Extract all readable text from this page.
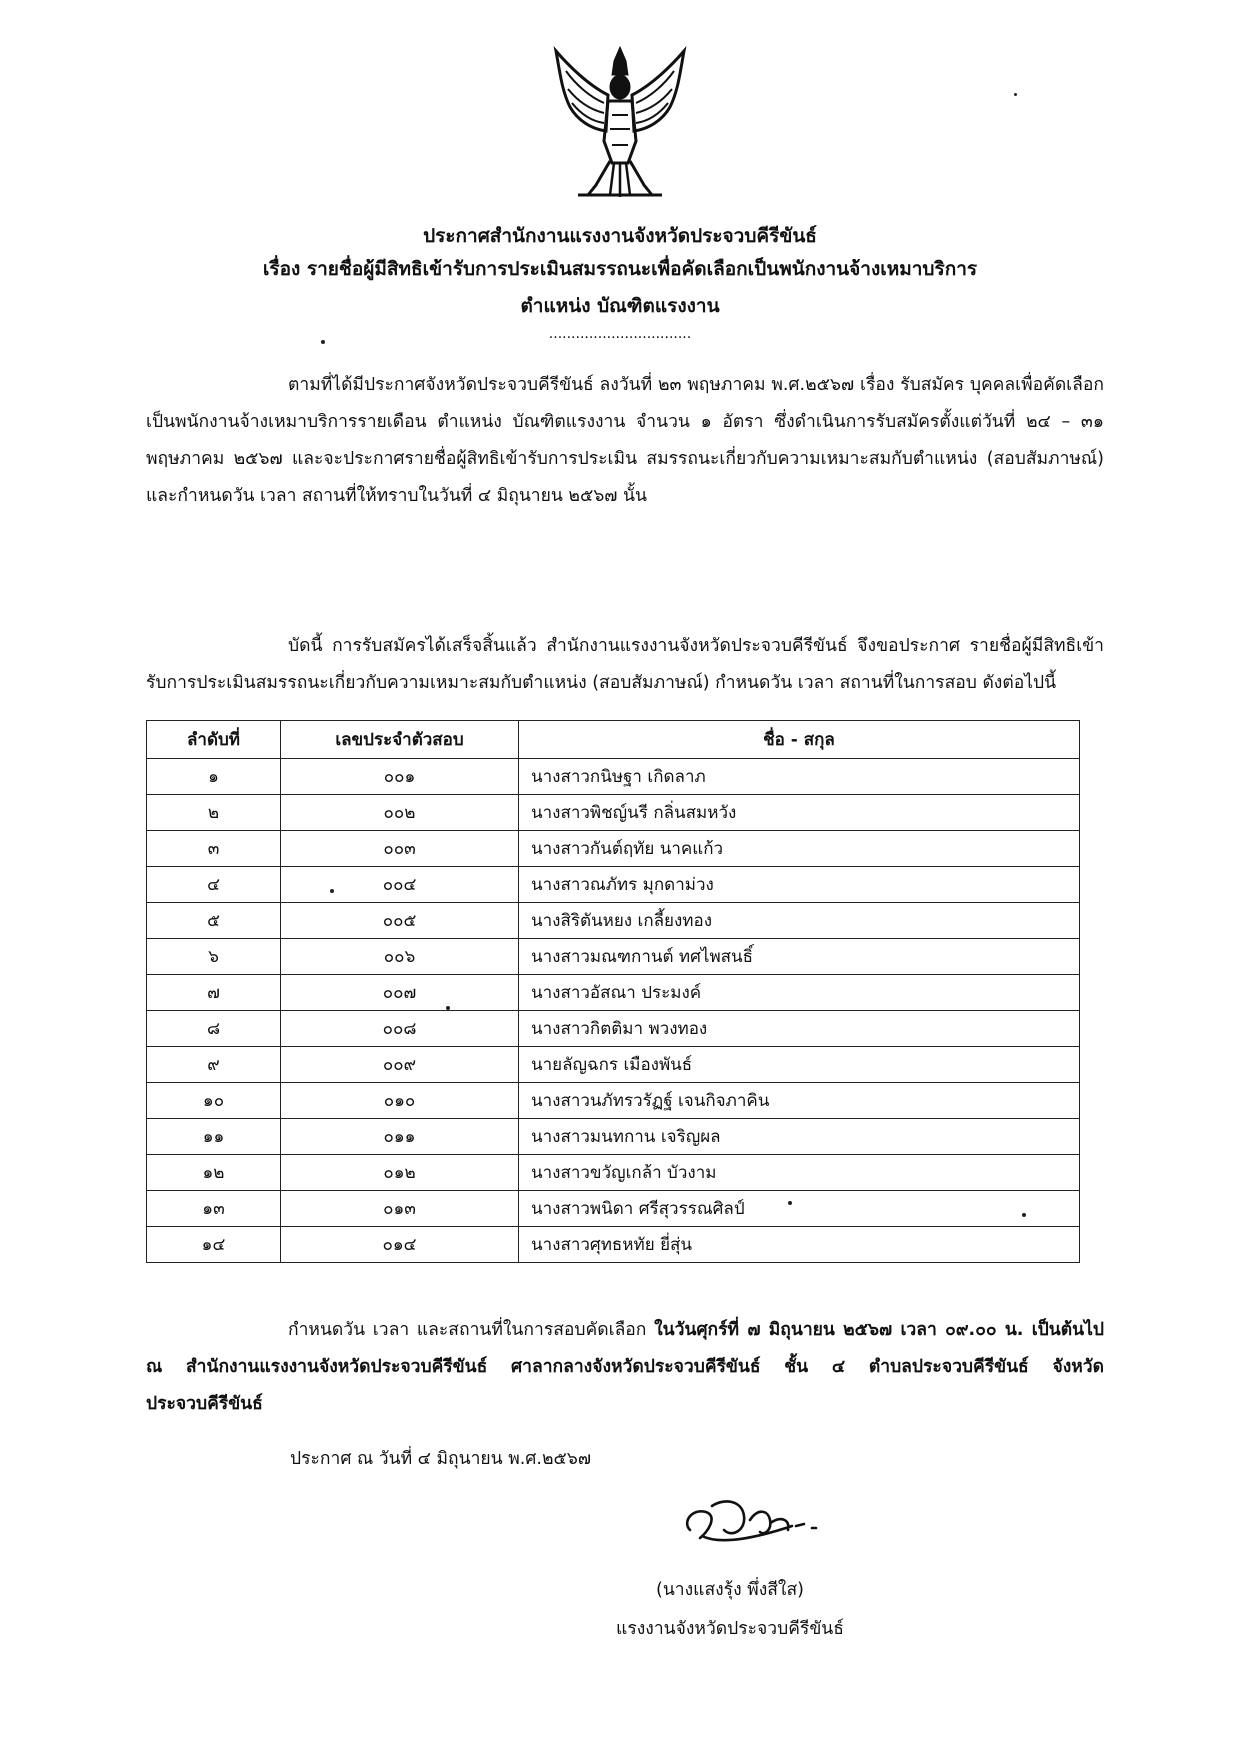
ประกาศสำนักงานแรงงานจังหวัดประจวบคีรีขันธ์
เรื่อง รายชื่อผู้มีสิทธิเข้ารับการประเมินสมรรถนะเพื่อคัดเลือกเป็นพนักงานจ้างเหมาบริการ
ตำแหน่ง บัณฑิตแรงงาน
................................

ตามที่ได้มีประกาศจังหวัดประจวบคีรีขันธ์ ลงวันที่ ๒๓ พฤษภาคม พ.ศ.๒๕๖๗ เรื่อง รับสมัคร บุคคลเพื่อคัดเลือกเป็นพนักงานจ้างเหมาบริการรายเดือน ตำแหน่ง บัณฑิตแรงงาน จำนวน ๑ อัตรา ซึ่งดำเนินการรับสมัครตั้งแต่วันที่ ๒๔ – ๓๑ พฤษภาคม ๒๕๖๗ และจะประกาศรายชื่อผู้สิทธิเข้ารับการประเมิน สมรรถนะเกี่ยวกับความเหมาะสมกับตำแหน่ง (สอบสัมภาษณ์) และกำหนดวัน เวลา สถานที่ให้ทราบในวันที่ ๔ มิถุนายน ๒๕๖๗ นั้น

บัดนี้ การรับสมัครได้เสร็จสิ้นแล้ว สำนักงานแรงงานจังหวัดประจวบคีรีขันธ์ จึงขอประกาศ รายชื่อผู้มีสิทธิเข้ารับการประเมินสมรรถนะเกี่ยวกับความเหมาะสมกับตำแหน่ง (สอบสัมภาษณ์) กำหนดวัน เวลา สถานที่ในการสอบ ดังต่อไปนี้

ลำดับที่	เลขประจำตัวสอบ	ชื่อ - สกุล
๑	๐๐๑	นางสาวกนิษฐา เกิดลาภ
๒	๐๐๒	นางสาวพิชญ์นรี กลิ่นสมหวัง
๓	๐๐๓	นางสาวกันต์ฤทัย นาคแก้ว
๔	๐๐๔	นางสาวณภัทร มุกดาม่วง
๕	๐๐๕	นางสิริตันหยง เกลี้ยงทอง
๖	๐๐๖	นางสาวมณฑกานต์ ทศไพสนธิ์
๗	๐๐๗	นางสาวอัสณา ประมงค์
๘	๐๐๘	นางสาวกิตติมา พวงทอง
๙	๐๐๙	นายลัญฉกร เมืองพันธ์
๑๐	๐๑๐	นางสาวนภัทรวรัฏฐ์ เจนกิจภาคิน
๑๑	๐๑๑	นางสาวมนทกาน เจริญผล
๑๒	๐๑๒	นางสาวขวัญเกล้า บัวงาม
๑๓	๐๑๓	นางสาวพนิดา ศรีสุวรรณศิลป์
๑๔	๐๑๔	นางสาวศุทธหทัย ยี่สุ่น

กำหนดวัน เวลา และสถานที่ในการสอบคัดเลือก ในวันศุกร์ที่ ๗ มิถุนายน ๒๕๖๗ เวลา ๐๙.๐๐ น. เป็นต้นไป ณ สำนักงานแรงงานจังหวัดประจวบคีรีขันธ์ ศาลากลางจังหวัดประจวบคีรีขันธ์ ชั้น ๔ ตำบลประจวบคีรีขันธ์ จังหวัดประจวบคีรีขันธ์

ประกาศ ณ วันที่ ๔ มิถุนายน พ.ศ.๒๕๖๗
(นางแสงรุ้ง พึ่งสีใส)
แรงงานจังหวัดประจวบคีรีขันธ์
